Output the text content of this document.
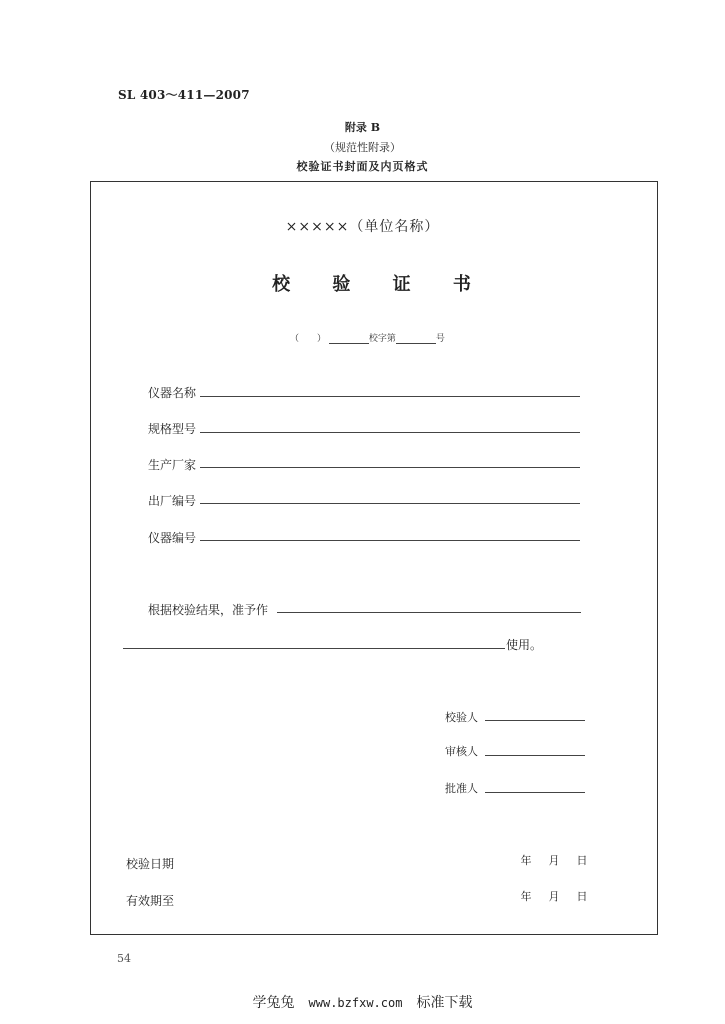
SL 403～411—2007
附录 B
（规范性附录）
校验证书封面及内页格式
×××××（单位名称）
校 验 证 书
（　　）	校字第	号
仪器名称
规格型号
生产厂家
出厂编号
仪器编号
根据校验结果，准予作
使用。
校验人
审核人
批准人
校验日期	年 月 日
有效期至	年 月 日
54
学兔兔 www.bzfxw.com 标准下载
